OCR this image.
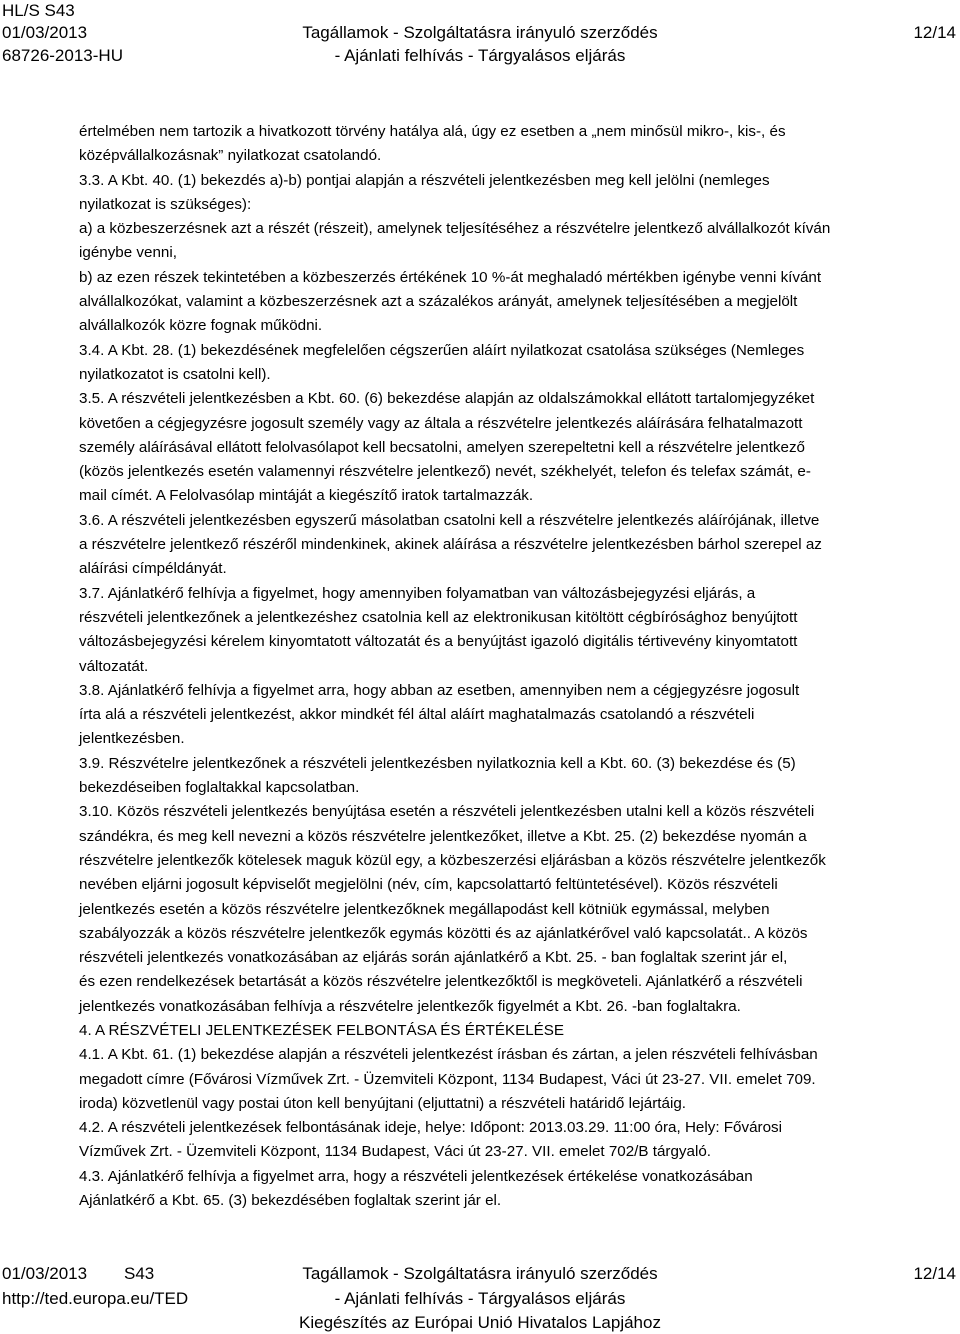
HL/S S43
01/03/2013
68726-2013-HU
Tagállamok - Szolgáltatásra irányuló szerződés
- Ajánlati felhívás - Tárgyalásos eljárás
12/14

értelmében nem tartozik a hivatkozott törvény hatálya alá, úgy ez esetben a „nem minősül mikro-, kis-, és

középvállalkozásnak” nyilatkozat csatolandó.

3.3. A Kbt. 40. (1) bekezdés a)-b) pontjai alapján a részvételi jelentkezésben meg kell jelölni (nemleges

nyilatkozat is szükséges):

a) a közbeszerzésnek azt a részét (részeit), amelynek teljesítéséhez a részvételre jelentkező alvállalkozót kíván

igénybe venni,

b) az ezen részek tekintetében a közbeszerzés értékének 10 %-át meghaladó mértékben igénybe venni kívánt

alvállalkozókat, valamint a közbeszerzésnek azt a százalékos arányát, amelynek teljesítésében a megjelölt

alvállalkozók közre fognak működni.

3.4. A Kbt. 28. (1) bekezdésének megfelelően cégszerűen aláírt nyilatkozat csatolása szükséges (Nemleges

nyilatkozatot is csatolni kell).

3.5. A részvételi jelentkezésben a Kbt. 60. (6) bekezdése alapján az oldalszámokkal ellátott tartalomjegyzéket

követően a cégjegyzésre jogosult személy vagy az általa a részvételre jelentkezés aláírására felhatalmazott

személy aláírásával ellátott felolvasólapot kell becsatolni, amelyen szerepeltetni kell a részvételre jelentkező

(közös jelentkezés esetén valamennyi részvételre jelentkező) nevét, székhelyét, telefon és telefax számát, e-

mail címét. A Felolvasólap mintáját a kiegészítő iratok tartalmazzák.

3.6. A részvételi jelentkezésben egyszerű másolatban csatolni kell a részvételre jelentkezés aláírójának, illetve

a részvételre jelentkező részéről mindenkinek, akinek aláírása a részvételre jelentkezésben bárhol szerepel az

aláírási címpéldányát.

3.7. Ajánlatkérő felhívja a figyelmet, hogy amennyiben folyamatban van változásbejegyzési eljárás, a

részvételi jelentkezőnek a jelentkezéshez csatolnia kell az elektronikusan kitöltött cégbírósághoz benyújtott

változásbejegyzési kérelem kinyomtatott változatát és a benyújtást igazoló digitális tértivevény kinyomtatott

változatát.

3.8. Ajánlatkérő felhívja a figyelmet arra, hogy abban az esetben, amennyiben nem a cégjegyzésre jogosult

írta alá a részvételi jelentkezést, akkor mindkét fél által aláírt maghatalmazás csatolandó a részvételi

jelentkezésben.

3.9. Részvételre jelentkezőnek a részvételi jelentkezésben nyilatkoznia kell a Kbt. 60. (3) bekezdése és (5)

bekezdéseiben foglaltakkal kapcsolatban.

3.10. Közös részvételi jelentkezés benyújtása esetén a részvételi jelentkezésben utalni kell a közös részvételi

szándékra, és meg kell nevezni a közös részvételre jelentkezőket, illetve a Kbt. 25. (2) bekezdése nyomán a

részvételre jelentkezők kötelesek maguk közül egy, a közbeszerzési eljárásban a közös részvételre jelentkezők

nevében eljárni jogosult képviselőt megjelölni (név, cím, kapcsolattartó feltüntetésével). Közös részvételi

jelentkezés esetén a közös részvételre jelentkezőknek megállapodást kell kötniük egymással, melyben

szabályozzák a közös részvételre jelentkezők egymás közötti és az ajánlatkérővel való kapcsolatát.. A közös

részvételi jelentkezés vonatkozásában az eljárás során ajánlatkérő a Kbt. 25. - ban foglaltak szerint jár el,

és ezen rendelkezések betartását a közös részvételre jelentkezőktől is megköveteli. Ajánlatkérő a részvételi

jelentkezés vonatkozásában felhívja a részvételre jelentkezők figyelmét a Kbt. 26. -ban foglaltakra.

4. A RÉSZVÉTELI JELENTKEZÉSEK FELBONTÁSA ÉS ÉRTÉKELÉSE

4.1. A Kbt. 61. (1) bekezdése alapján a részvételi jelentkezést írásban és zártan, a jelen részvételi felhívásban

megadott címre (Fővárosi Vízművek Zrt. - Üzemviteli Központ, 1134 Budapest, Váci út 23-27. VII. emelet 709.

iroda) közvetlenül vagy postai úton kell benyújtani (eljuttatni) a részvételi határidő lejártáig.

4.2. A részvételi jelentkezések felbontásának ideje, helye: Időpont: 2013.03.29. 11:00 óra, Hely: Fővárosi

Vízművek Zrt. - Üzemviteli Központ, 1134 Budapest, Váci út 23-27. VII. emelet 702/B tárgyaló.

4.3. Ajánlatkérő felhívja a figyelmet arra, hogy a részvételi jelentkezések értékelése vonatkozásában

Ajánlatkérő a Kbt. 65. (3) bekezdésében foglaltak szerint jár el.

01/03/2013 S43
http://ted.europa.eu/TED
Tagállamok - Szolgáltatásra irányuló szerződés
- Ajánlati felhívás - Tárgyalásos eljárás
Kiegészítés az Európai Unió Hivatalos Lapjához
12/14
